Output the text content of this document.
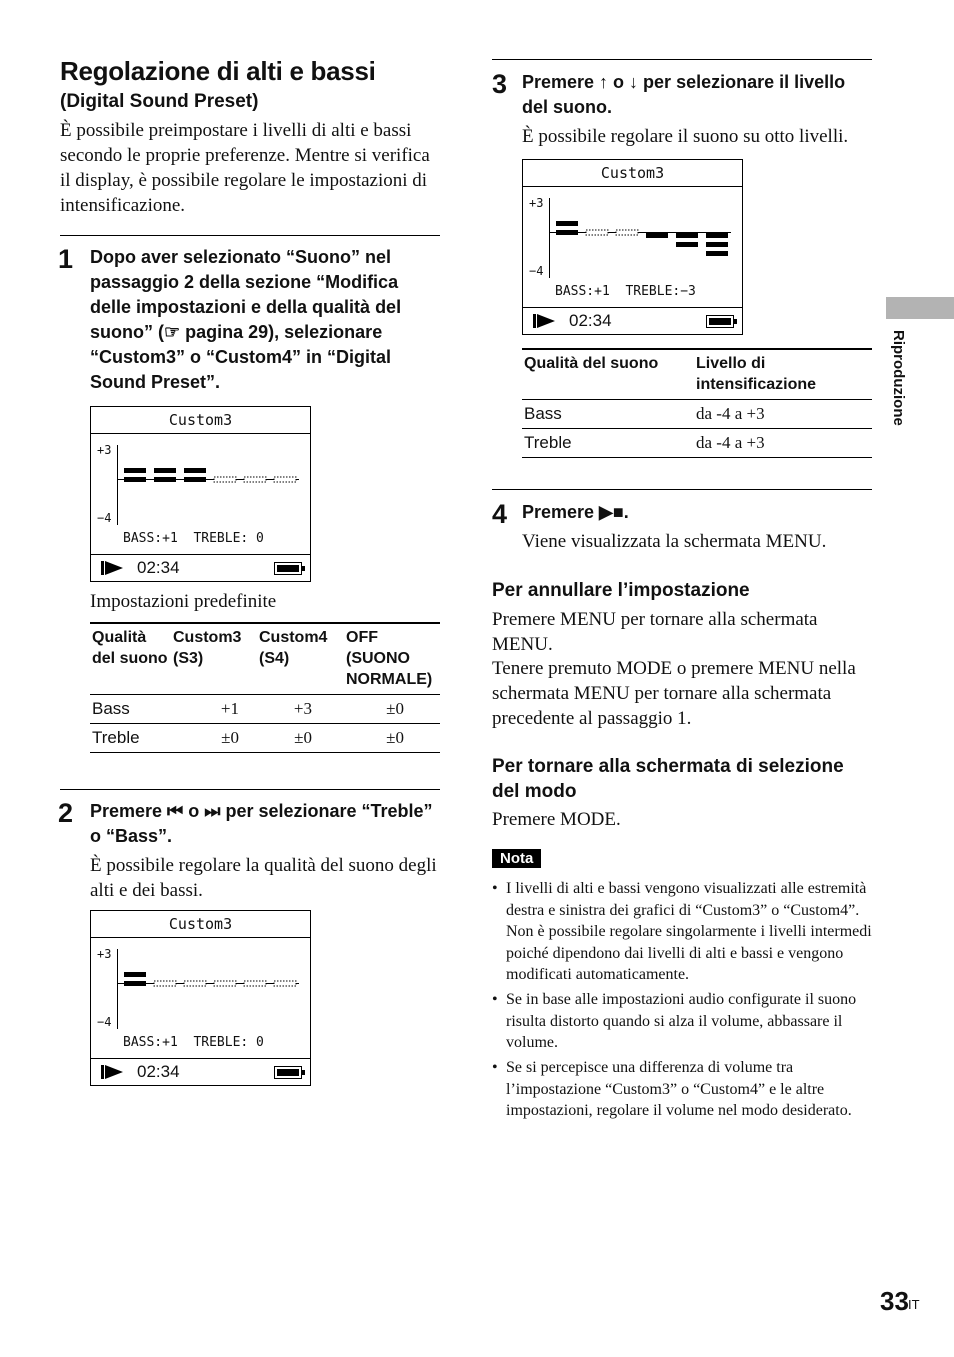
Regolazione di alti e bassi
(Digital Sound Preset)

È possibile preimpostare i livelli di alti e bassi secondo le proprie preferenze. Mentre si verifica il display, è possibile regolare le impostazioni di intensificazione.

1 Dopo aver selezionato “Suono” nel passaggio 2 della sezione “Modifica delle impostazioni e della qualità del suono” (☞ pagina 29), selezionare “Custom3” o “Custom4” in “Digital Sound Preset”.
Custom3
+3
−4
BASS:+1  TREBLE: 0
02:34

Impostazioni predefinite

Qualità del suono	Custom3 (S3)	Custom4 (S4)	OFF (SUONO NORMALE)
Bass	+1	+3	±0
Treble	±0	±0	±0
2 Premere ⏮ o ⏭ per selezionare “Treble” o “Bass”.

È possibile regolare la qualità del suono degli alti e dei bassi.

Custom3
+3
−4
BASS:+1  TREBLE: 0
02:34
3 Premere ↑ o ↓ per selezionare il livello del suono.

È possibile regolare il suono su otto livelli.

Custom3
+3
−4
BASS:+1  TREBLE:−3
02:34
Qualità del suono	Livello di intensificazione
Bass	da -4 a +3
Treble	da -4 a +3
4 Premere ▶■.

Viene visualizzata la schermata MENU.

Per annullare l’impostazione

Premere MENU per tornare alla schermata MENU.

Tenere premuto MODE o premere MENU nella schermata MENU per tornare alla schermata precedente al passaggio 1.

Per tornare alla schermata di selezione del modo

Premere MODE.

Nota
• I livelli di alti e bassi vengono visualizzati alle estremità destra e sinistra dei grafici di “Custom3” o “Custom4”. Non è possibile regolare singolarmente i livelli intermedi poiché dipendono dai livelli di alti e bassi e vengono modificati automaticamente.
• Se in base alle impostazioni audio configurate il suono risulta distorto quando si alza il volume, abbassare il volume.
• Se si percepisce una differenza di volume tra l’impostazione “Custom3” o “Custom4” e le altre impostazioni, regolare il volume nel modo desiderato.
Riproduzione
33 IT
